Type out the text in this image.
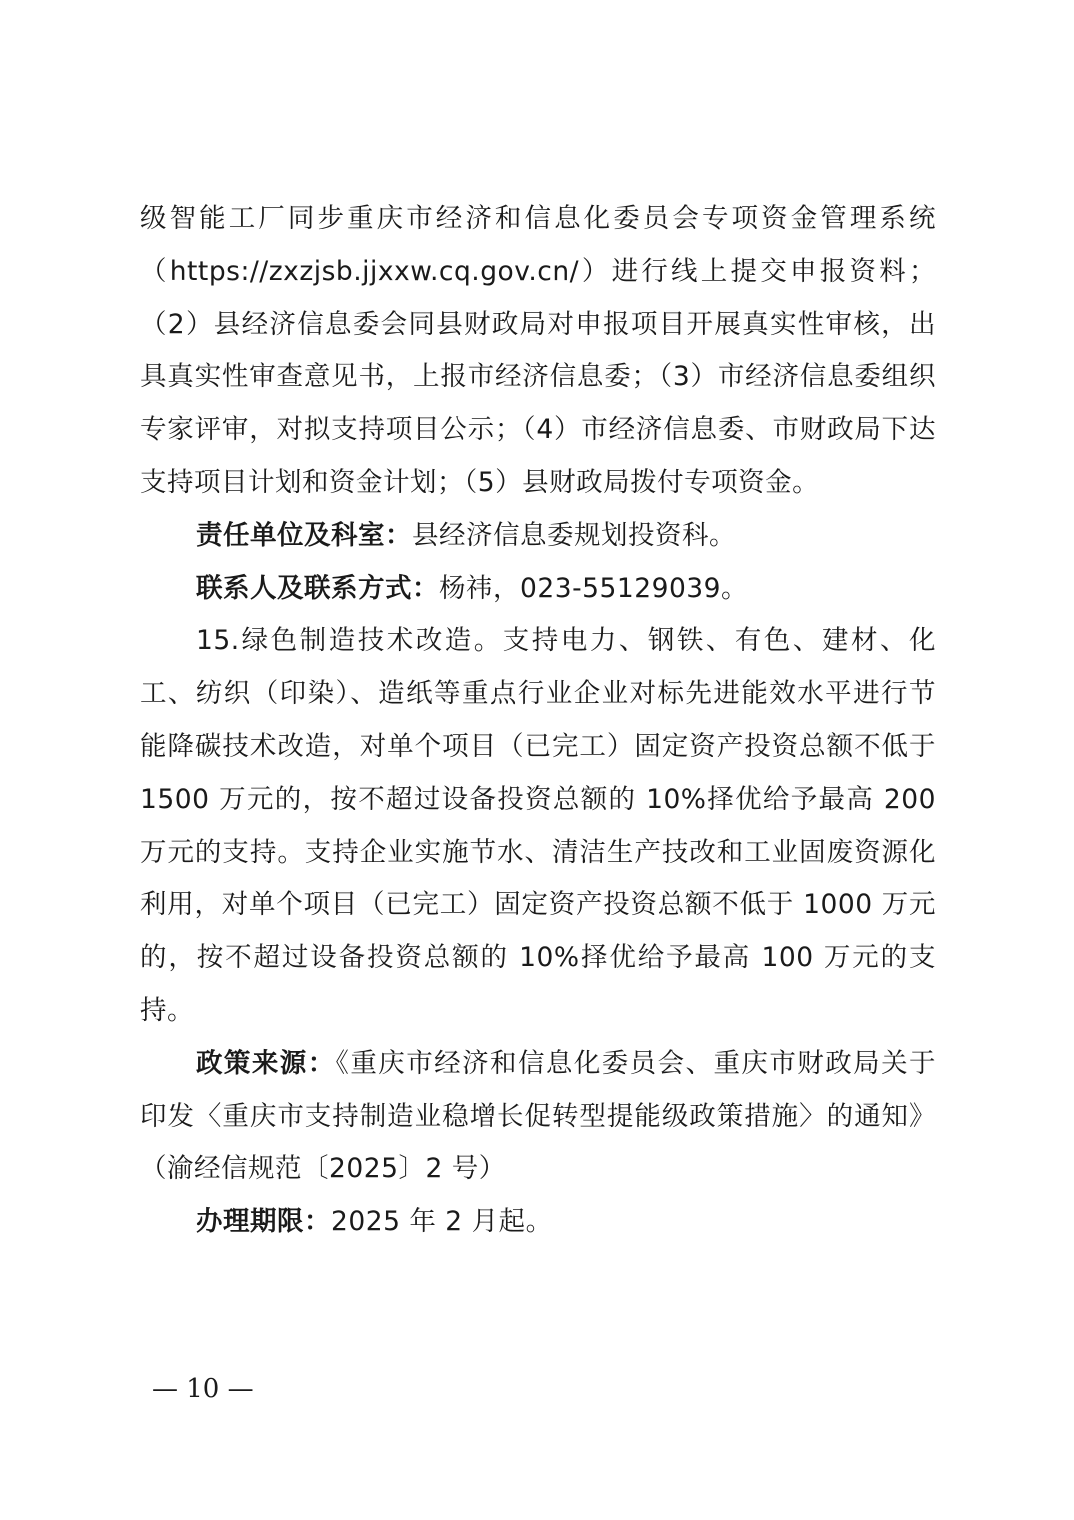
级智能工厂同步重庆市经济和信息化委员会专项资金管理系统（https://zxzjsb.jjxxw.cq.gov.cn/）进行线上提交申报资料；（2）县经济信息委会同县财政局对申报项目开展真实性审核，出具真实性审查意见书，上报市经济信息委；（3）市经济信息委组织专家评审，对拟支持项目公示；（4）市经济信息委、市财政局下达支持项目计划和资金计划；（5）县财政局拨付专项资金。

责任单位及科室：县经济信息委规划投资科。

联系人及联系方式：杨祎，023-55129039。

15.绿色制造技术改造。支持电力、钢铁、有色、建材、化工、纺织（印染）、造纸等重点行业企业对标先进能效水平进行节能降碳技术改造，对单个项目（已完工）固定资产投资总额不低于 1500 万元的，按不超过设备投资总额的 10%择优给予最高 200 万元的支持。支持企业实施节水、清洁生产技改和工业固废资源化利用，对单个项目（已完工）固定资产投资总额不低于 1000 万元的，按不超过设备投资总额的 10%择优给予最高 100 万元的支持。

政策来源：《重庆市经济和信息化委员会、重庆市财政局关于印发〈重庆市支持制造业稳增长促转型提能级政策措施〉的通知》（渝经信规范〔2025〕2 号）

办理期限：2025 年 2 月起。

— 10 —
